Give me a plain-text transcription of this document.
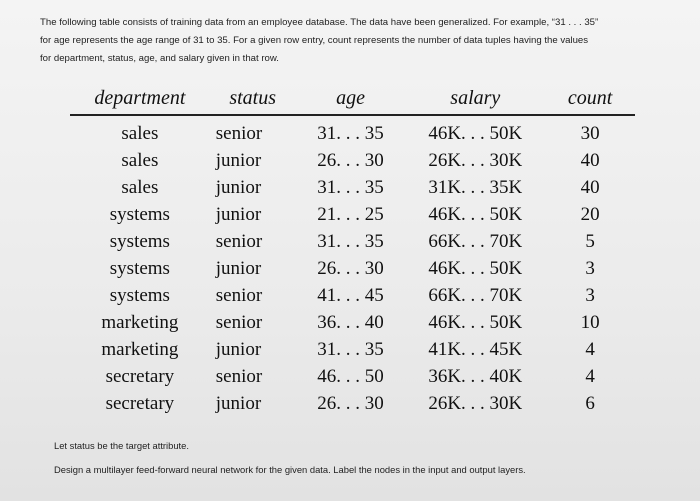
The following table consists of training data from an employee database. The data have been generalized. For example, “31 . . . 35”
for age represents the age range of 31 to 35. For a given row entry, count represents the number of data tuples having the values
for department, status, age, and salary given in that row.
department	status	age	salary	count
sales	senior	31. . . 35	46K. . . 50K	30
sales	junior	26. . . 30	26K. . . 30K	40
sales	junior	31. . . 35	31K. . . 35K	40
systems	junior	21. . . 25	46K. . . 50K	20
systems	senior	31. . . 35	66K. . . 70K	5
systems	junior	26. . . 30	46K. . . 50K	3
systems	senior	41. . . 45	66K. . . 70K	3
marketing	senior	36. . . 40	46K. . . 50K	10
marketing	junior	31. . . 35	41K. . . 45K	4
secretary	senior	46. . . 50	36K. . . 40K	4
secretary	junior	26. . . 30	26K. . . 30K	6

Let status be the target attribute.

Design a multilayer feed-forward neural network for the given data. Label the nodes in the input and output layers.
